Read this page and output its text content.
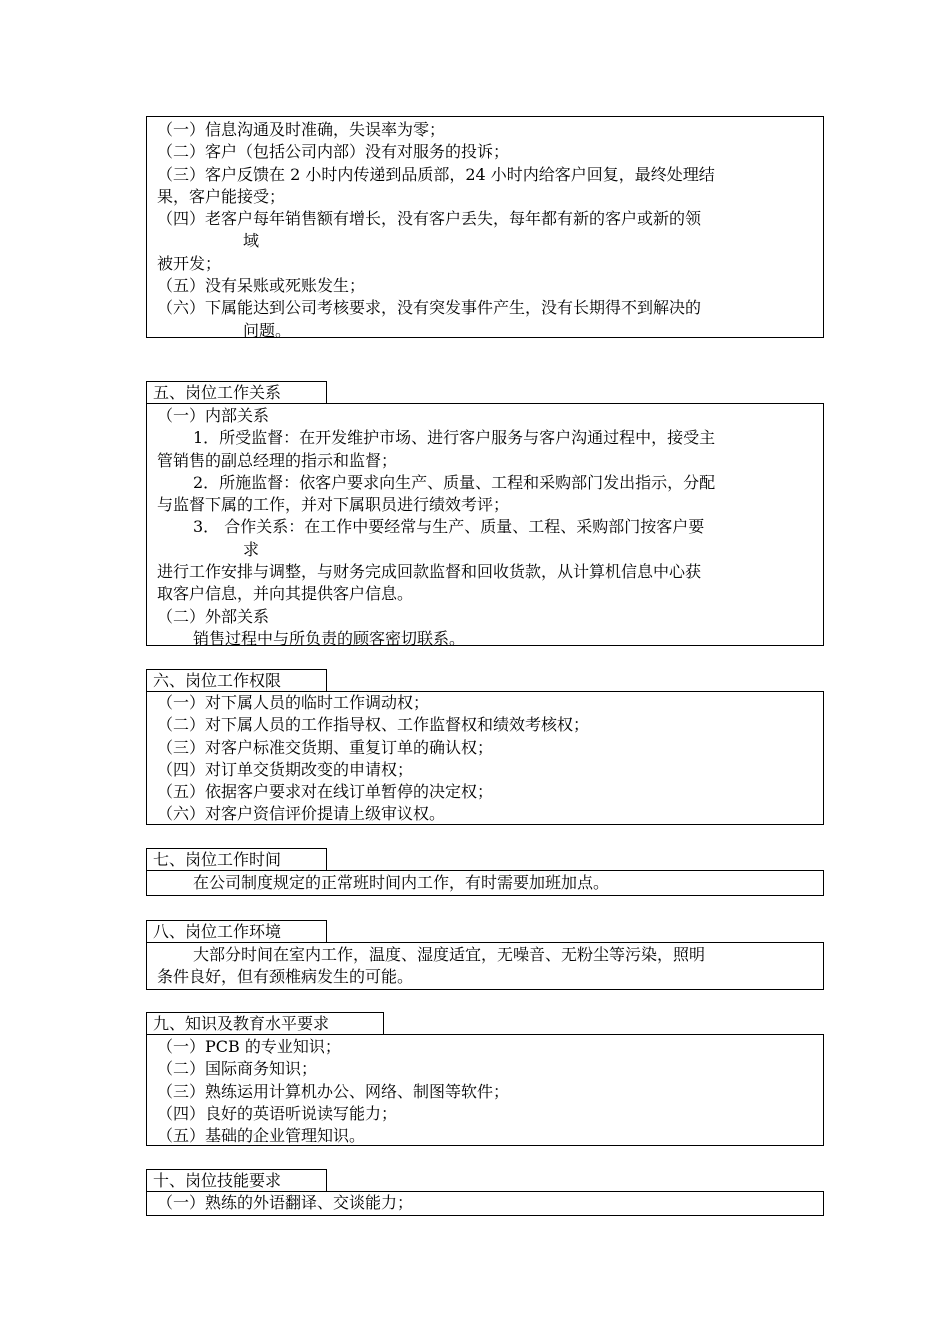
（一）信息沟通及时准确，失误率为零；
（二）客户（包括公司内部）没有对服务的投诉；
（三）客户反馈在 2 小时内传递到品质部，24 小时内给客户回复，最终处理结
果，客户能接受；
（四）老客户每年销售额有增长，没有客户丢失，每年都有新的客户或新的领
域
被开发；
（五）没有呆账或死账发生；
（六）下属能达到公司考核要求，没有突发事件产生，没有长期得不到解决的
问题。
五、岗位工作关系
（一）内部关系
1．所受监督：在开发维护市场、进行客户服务与客户沟通过程中，接受主
管销售的副总经理的指示和监督；
2．所施监督：依客户要求向生产、质量、工程和采购部门发出指示，分配
与监督下属的工作，并对下属职员进行绩效考评；
3． 合作关系：在工作中要经常与生产、质量、工程、采购部门按客户要
求
进行工作安排与调整，与财务完成回款监督和回收货款，从计算机信息中心获
取客户信息，并向其提供客户信息。
（二）外部关系
销售过程中与所负责的顾客密切联系。
六、岗位工作权限
（一）对下属人员的临时工作调动权；
（二）对下属人员的工作指导权、工作监督权和绩效考核权；
（三）对客户标准交货期、重复订单的确认权；
（四）对订单交货期改变的申请权；
（五）依据客户要求对在线订单暂停的决定权；
（六）对客户资信评价提请上级审议权。
七、岗位工作时间
在公司制度规定的正常班时间内工作，有时需要加班加点。
八、岗位工作环境
大部分时间在室内工作，温度、湿度适宜，无噪音、无粉尘等污染，照明
条件良好，但有颈椎病发生的可能。
九、知识及教育水平要求
（一）PCB 的专业知识；
（二）国际商务知识；
（三）熟练运用计算机办公、网络、制图等软件；
（四）良好的英语听说读写能力；
（五）基础的企业管理知识。
十、岗位技能要求
（一）熟练的外语翻译、交谈能力；
